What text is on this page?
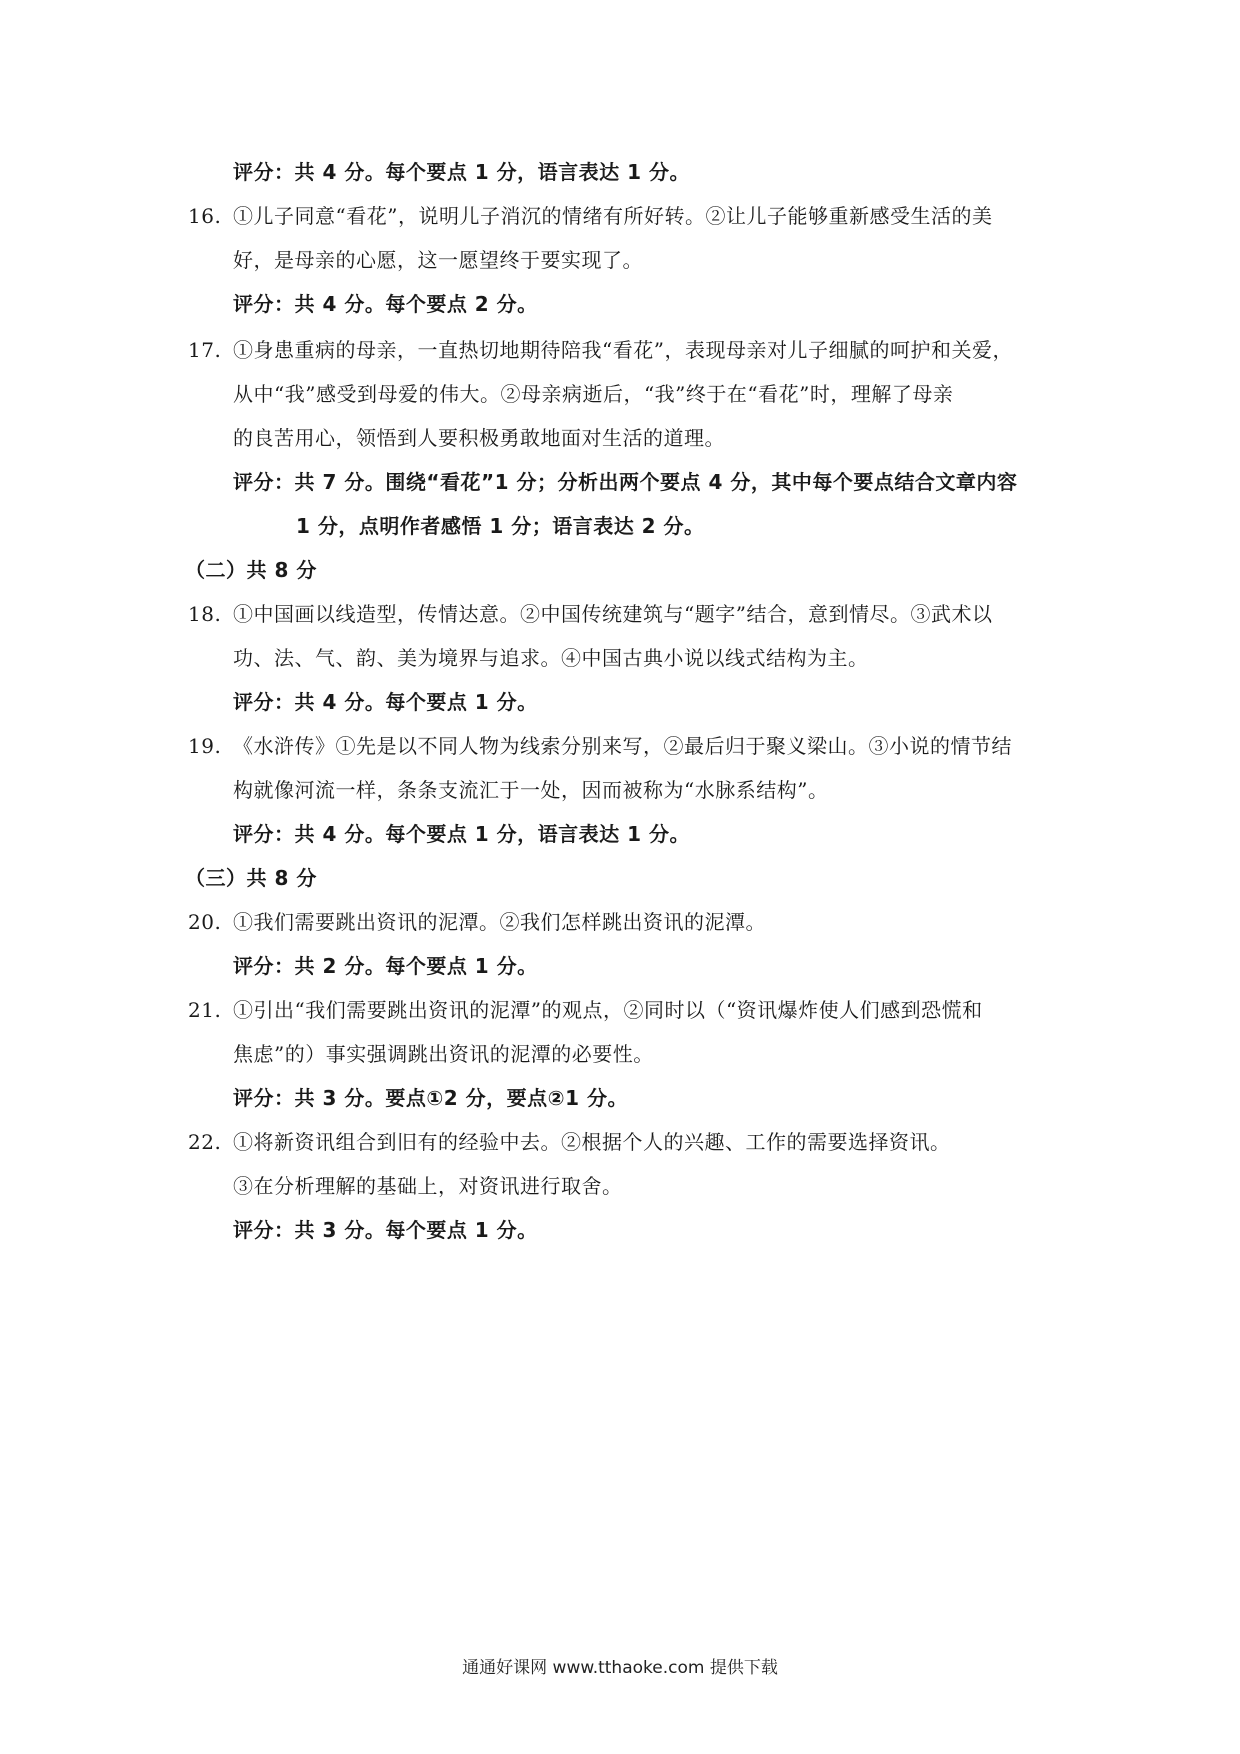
评分：共 4 分。每个要点 1 分，语言表达 1 分。
16. ①儿子同意“看花”，说明儿子消沉的情绪有所好转。②让儿子能够重新感受生活的美
好，是母亲的心愿，这一愿望终于要实现了。
评分：共 4 分。每个要点 2 分。
17. ①身患重病的母亲，一直热切地期待陪我“看花”，表现母亲对儿子细腻的呵护和关爱，
从中“我”感受到母爱的伟大。②母亲病逝后，“我”终于在“看花”时，理解了母亲
的良苦用心，领悟到人要积极勇敢地面对生活的道理。
评分：共 7 分。围绕“看花”1 分；分析出两个要点 4 分，其中每个要点结合文章内容
1 分，点明作者感悟 1 分；语言表达 2 分。
（二）共 8 分
18. ①中国画以线造型，传情达意。②中国传统建筑与“题字”结合，意到情尽。③武术以
功、法、气、韵、美为境界与追求。④中国古典小说以线式结构为主。
评分：共 4 分。每个要点 1 分。
19. 《水浒传》①先是以不同人物为线索分别来写，②最后归于聚义梁山。③小说的情节结
构就像河流一样，条条支流汇于一处，因而被称为“水脉系结构”。
评分：共 4 分。每个要点 1 分，语言表达 1 分。
（三）共 8 分
20. ①我们需要跳出资讯的泥潭。②我们怎样跳出资讯的泥潭。
评分：共 2 分。每个要点 1 分。
21. ①引出“我们需要跳出资讯的泥潭”的观点，②同时以（“资讯爆炸使人们感到恐慌和
焦虑”的）事实强调跳出资讯的泥潭的必要性。
评分：共 3 分。要点①2 分，要点②1 分。
22. ①将新资讯组合到旧有的经验中去。②根据个人的兴趣、工作的需要选择资讯。
③在分析理解的基础上，对资讯进行取舍。
评分：共 3 分。每个要点 1 分。
通通好课网 www.tthaoke.com 提供下载
